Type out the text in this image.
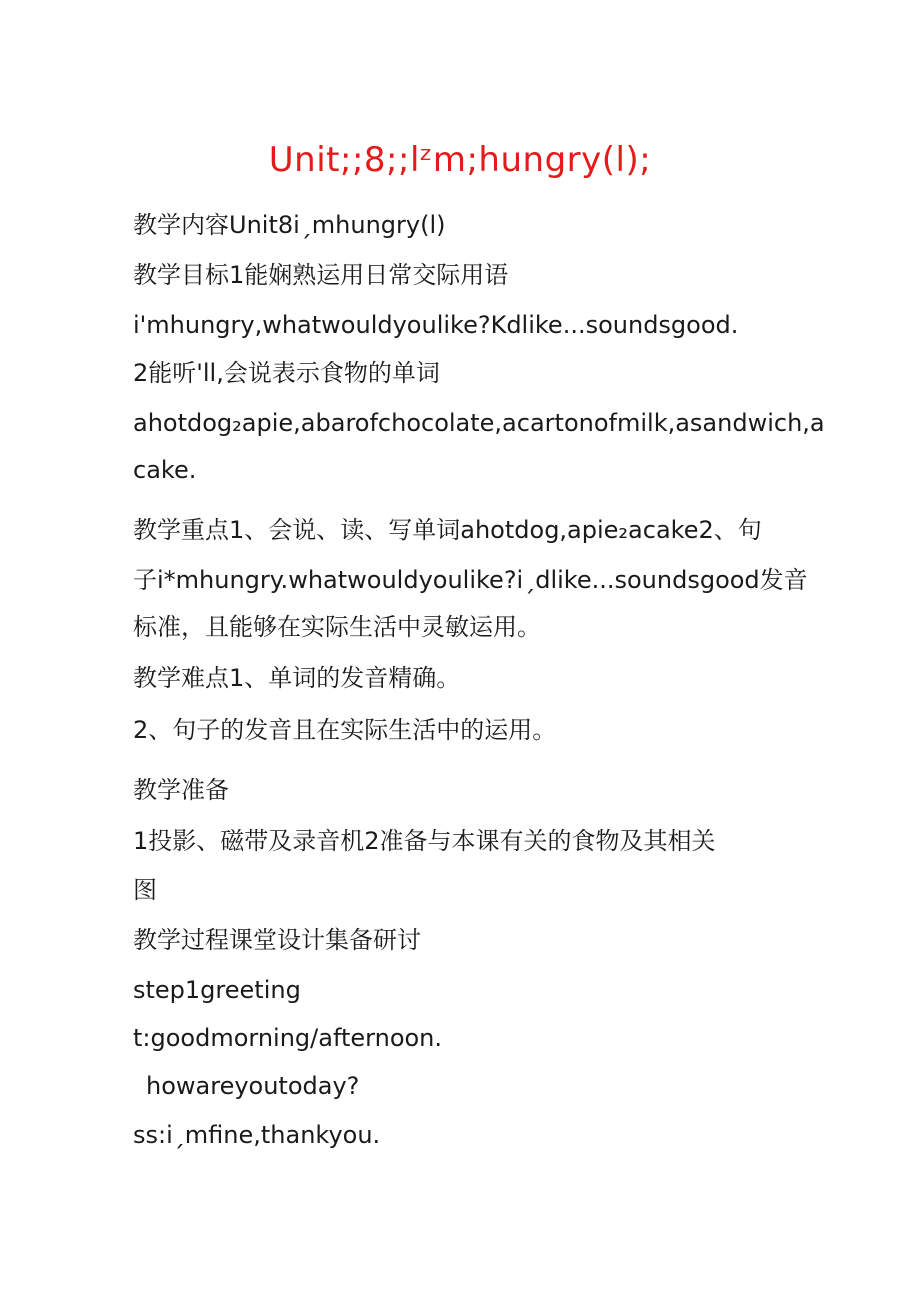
Unit;;8;;lᶻm;hungry(l);
教学内容Unit8iˏmhungry(l)
教学目标1能娴熟运用日常交际用语
i'mhungry,whatwouldyoulike?Kdlike...soundsgood.
2能听'll,会说表示食物的单词
ahotdog₂apie,abarofchocolate,acartonofmilk,asandwich,a
cake.
教学重点1、会说、读、写单词ahotdog,apie₂acake2、句
子i*mhungry.whatwouldyoulike?iˏdlike...soundsgood发音
标准，且能够在实际生活中灵敏运用。
教学难点1、单词的发音精确。
2、句子的发音且在实际生活中的运用。
教学准备
1投影、磁带及录音机2准备与本课有关的食物及其相关
图
教学过程课堂设计集备研讨
step1greeting
t:goodmorning/afternoon.
howareyoutoday?
ss:iˏmfine,thankyou.
